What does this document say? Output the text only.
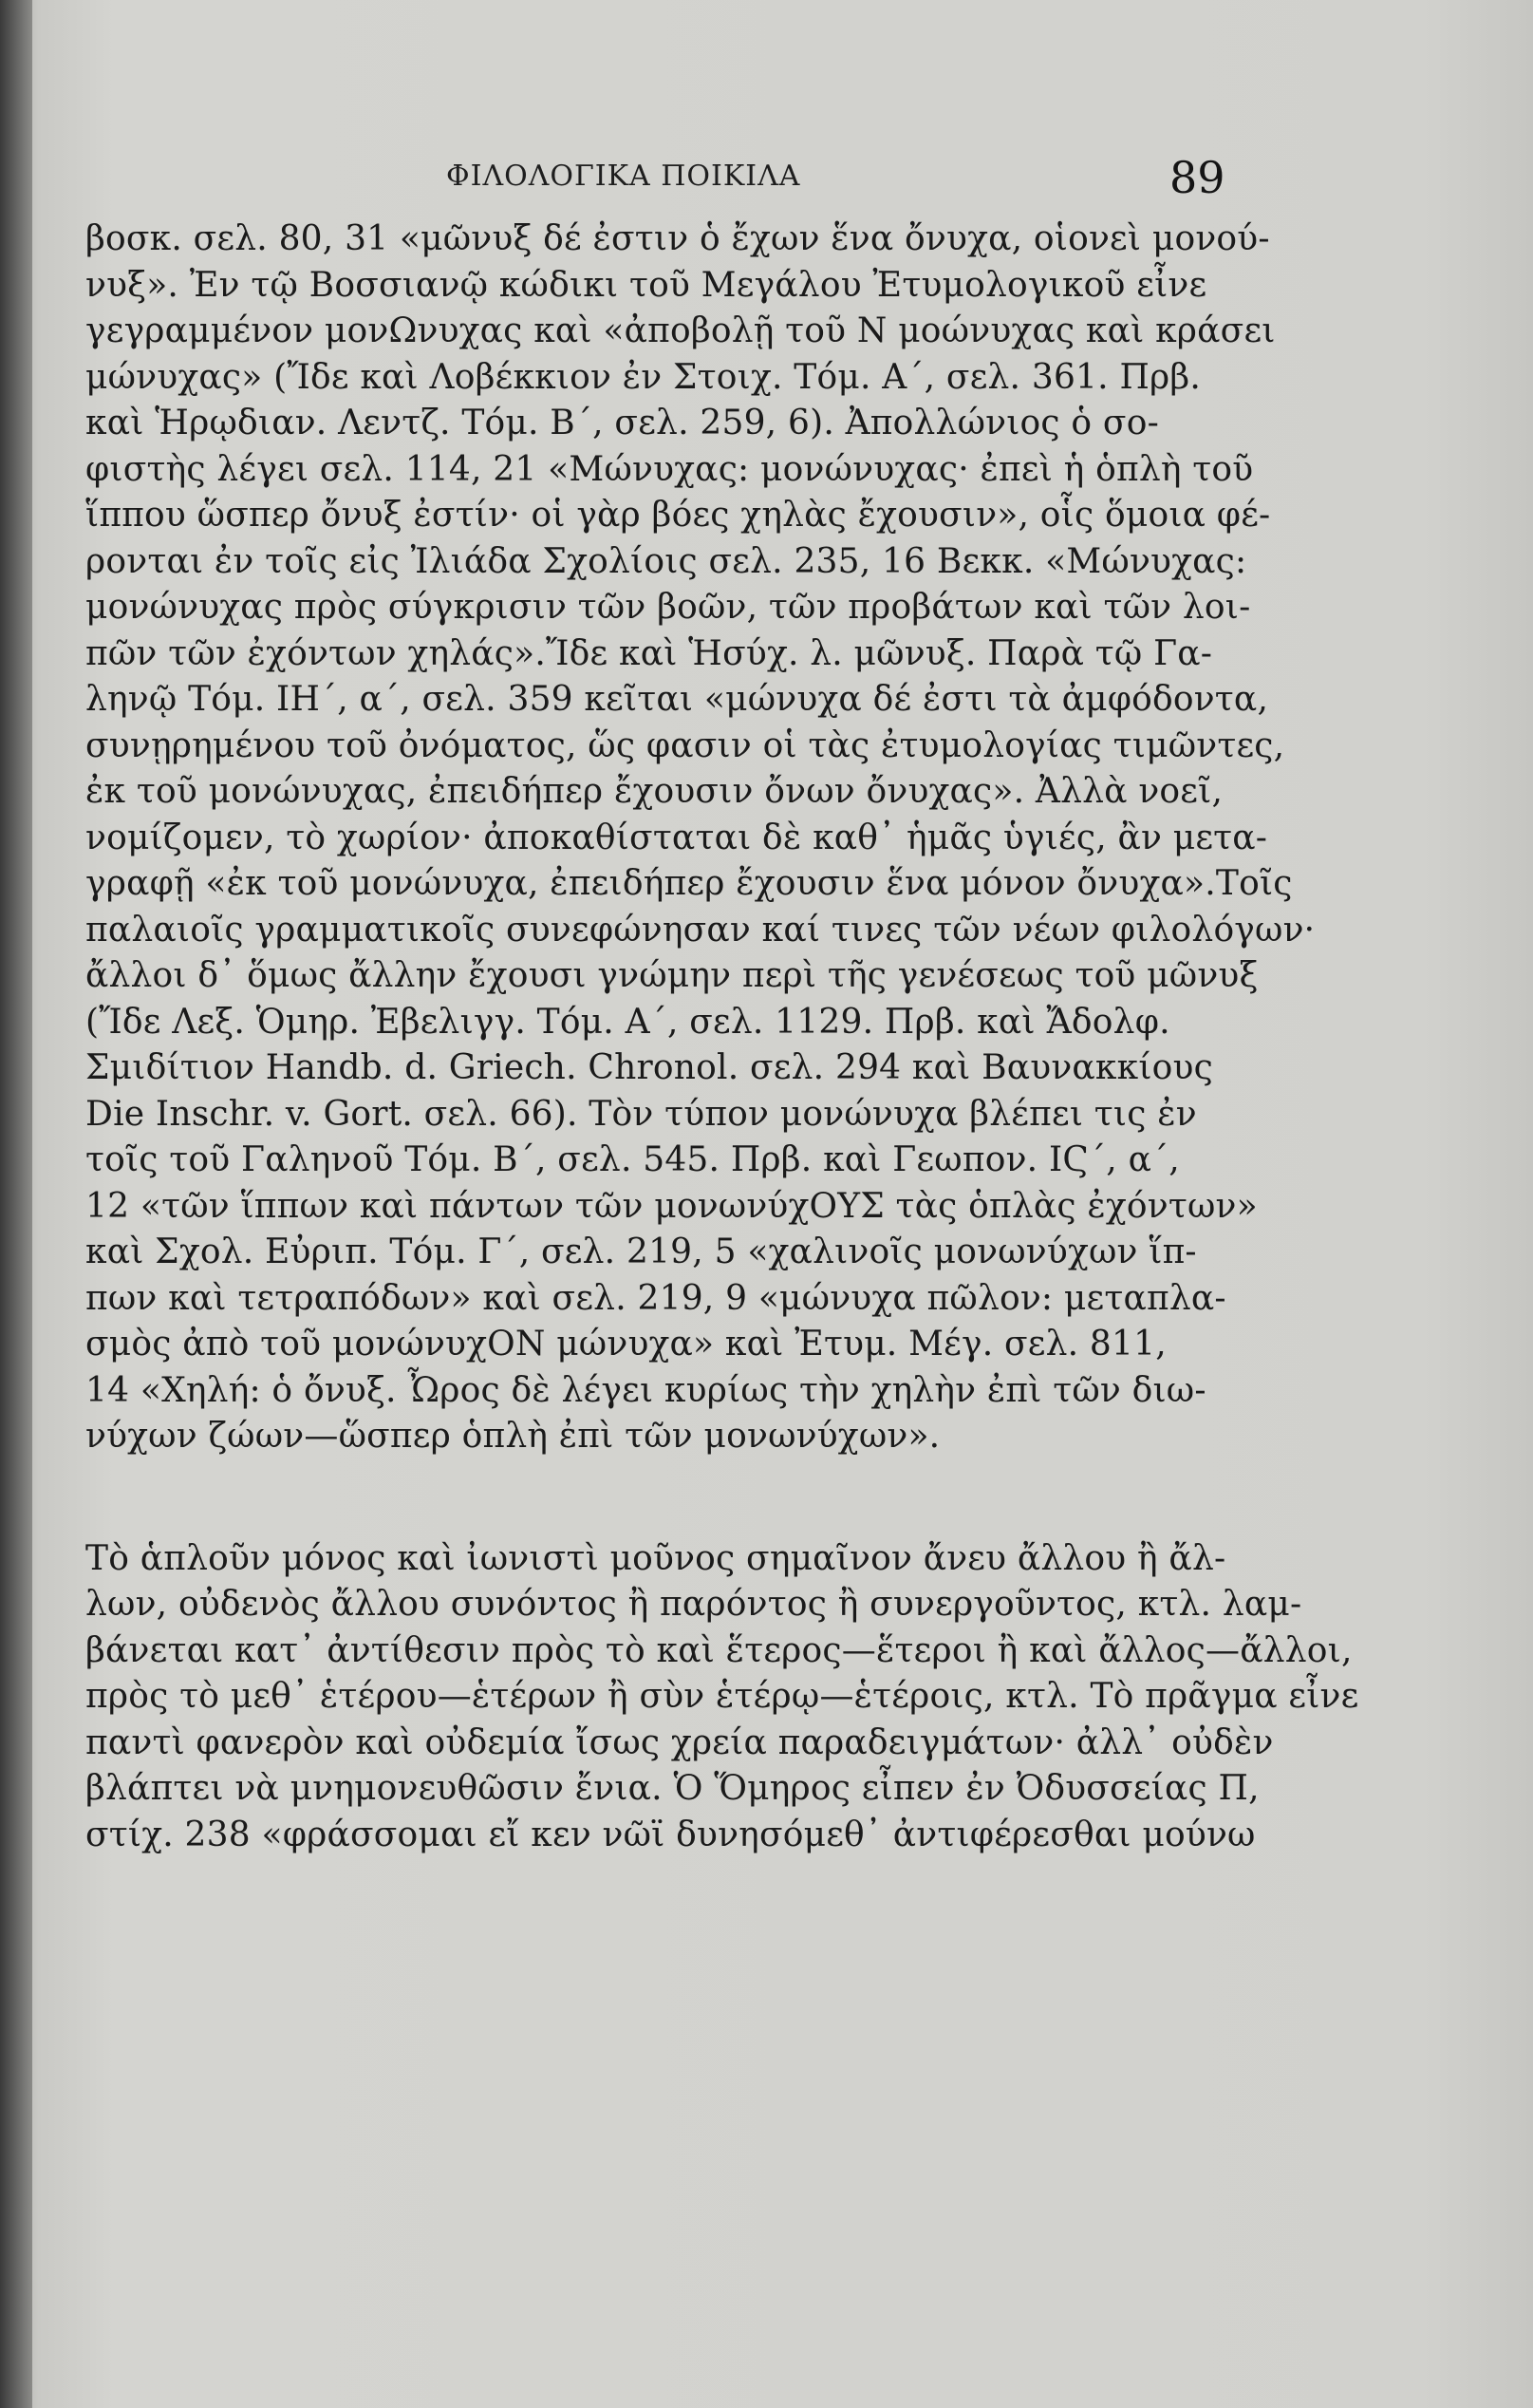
ΦΙΛΟΛΟΓΙΚΑ ΠΟΙΚΙΛΑ	89
βοσκ. σελ. 80, 31 «μῶνυξ δέ ἐστιν ὁ ἔχων ἕνα ὄνυχα, οἱονεὶ μονού-
νυξ». Ἐν τῷ Βοσσιανῷ κώδικι τοῦ Μεγάλου Ἐτυμολογικοῦ εἶνε
γεγραμμένον μονΩνυχας καὶ «ἀποβολῇ τοῦ Ν μοώνυχας καὶ κράσει
μώνυχας» (Ἴδε καὶ Λοβέκκιον ἐν Στοιχ. Τόμ. Α΄, σελ. 361. Πρβ.
καὶ Ἡρῳδιαν. Λεντζ. Τόμ. Β΄, σελ. 259, 6). Ἀπολλώνιος ὁ σο-
φιστὴς λέγει σελ. 114, 21 «Μώνυχας: μονώνυχας· ἐπεὶ ἡ ὁπλὴ τοῦ
ἵππου ὥσπερ ὄνυξ ἐστίν· οἱ γὰρ βόες χηλὰς ἔχουσιν», οἷς ὅμοια φέ-
ρονται ἐν τοῖς εἰς Ἰλιάδα Σχολίοις σελ. 235, 16 Βεκκ. «Μώνυχας:
μονώνυχας πρὸς σύγκρισιν τῶν βοῶν, τῶν προβάτων καὶ τῶν λοι-
πῶν τῶν ἐχόντων χηλάς».Ἴδε καὶ Ἡσύχ. λ. μῶνυξ. Παρὰ τῷ Γα-
ληνῷ Τόμ. ΙΗ΄, α΄, σελ. 359 κεῖται «μώνυχα δέ ἐστι τὰ ἀμφόδοντα,
συνῃρημένου τοῦ ὀνόματος, ὥς φασιν οἱ τὰς ἐτυμολογίας τιμῶντες,
ἐκ τοῦ μονώνυχας, ἐπειδήπερ ἔχουσιν ὄνων ὄνυχας». Ἀλλὰ νοεῖ,
νομίζομεν, τὸ χωρίον· ἀποκαθίσταται δὲ καθ᾽ ἡμᾶς ὑγιές, ἂν μετα-
γραφῇ «ἐκ τοῦ μονώνυχα, ἐπειδήπερ ἔχουσιν ἕνα μόνον ὄνυχα».Τοῖς
παλαιοῖς γραμματικοῖς συνεφώνησαν καί τινες τῶν νέων φιλολόγων·
ἄλλοι δ᾽ ὅμως ἄλλην ἔχουσι γνώμην περὶ τῆς γενέσεως τοῦ μῶνυξ
(Ἴδε Λεξ. Ὁμηρ. Ἐβελιγγ. Τόμ. Α΄, σελ. 1129. Πρβ. καὶ Ἄδολφ.
Σμιδίτιον Handb. d. Griech. Chronol. σελ. 294 καὶ Βαυνακκίους
Die Inschr. v. Gort. σελ. 66). Τὸν τύπον μονώνυχα βλέπει τις ἐν
τοῖς τοῦ Γαληνοῦ Τόμ. Β΄, σελ. 545. Πρβ. καὶ Γεωπον. ΙϚ΄, α΄,
12 «τῶν ἵππων καὶ πάντων τῶν μονωνύχΟΥΣ τὰς ὁπλὰς ἐχόντων»
καὶ Σχολ. Εὐριπ. Τόμ. Γ΄, σελ. 219, 5 «χαλινοῖς μονωνύχων ἵπ-
πων καὶ τετραπόδων» καὶ σελ. 219, 9 «μώνυχα πῶλον: μεταπλα-
σμὸς ἀπὸ τοῦ μονώνυχΟΝ μώνυχα» καὶ Ἐτυμ. Μέγ. σελ. 811,
14 «Χηλή: ὁ ὄνυξ. Ὦρος δὲ λέγει κυρίως τὴν χηλὴν ἐπὶ τῶν διω-
νύχων ζώων—ὥσπερ ὁπλὴ ἐπὶ τῶν μονωνύχων».
Τὸ ἁπλοῦν μόνος καὶ ἰωνιστὶ μοῦνος σημαῖνον ἄνευ ἄλλου ἢ ἄλ-
λων, οὐδενὸς ἄλλου συνόντος ἢ παρόντος ἢ συνεργοῦντος, κτλ. λαμ-
βάνεται κατ᾽ ἀντίθεσιν πρὸς τὸ καὶ ἕτερος—ἕτεροι ἢ καὶ ἄλλος—ἄλλοι,
πρὸς τὸ μεθ᾽ ἑτέρου—ἑτέρων ἢ σὺν ἑτέρῳ—ἑτέροις, κτλ. Τὸ πρᾶγμα εἶνε
παντὶ φανερὸν καὶ οὐδεμία ἴσως χρεία παραδειγμάτων· ἀλλ᾽ οὐδὲν
βλάπτει νὰ μνημονευθῶσιν ἔνια. Ὁ Ὅμηρος εἶπεν ἐν Ὀδυσσείας Π,
στίχ. 238 «φράσσομαι εἴ κεν νῶϊ δυνησόμεθ᾽ ἀντιφέρεσθαι μούνω
